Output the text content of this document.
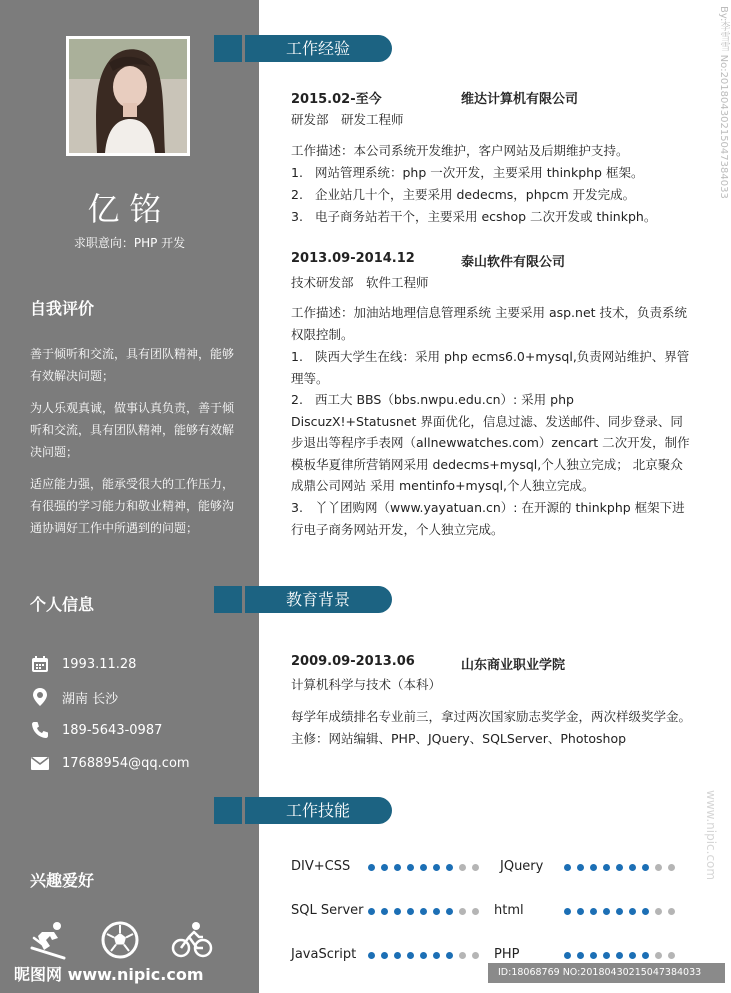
亿铭
求职意向：PHP 开发
自我评价
善于倾听和交流，具有团队精神，能够有效解决问题；
为人乐观真诚，做事认真负责，善于倾听和交流，具有团队精神，能够有效解决问题；
适应能力强，能承受很大的工作压力，有很强的学习能力和敬业精神，能够沟通协调好工作中所遇到的问题；
个人信息
1993.11.28
湖南 长沙
189-5643-0987
17688954@qq.com
兴趣爱好
昵图网 www.nipic.com
工作经验
教育背景
工作技能
2015.02-至今	维达计算机有限公司
研发部　研发工程师
工作描述：本公司系统开发维护，客户网站及后期维护支持。
1. 网站管理系统：php 一次开发，主要采用 thinkphp 框架。
2. 企业站几十个，主要采用 dedecms，phpcm 开发完成。
3. 电子商务站若干个，主要采用 ecshop 二次开发或 thinkph。
2013.09-2014.12	泰山软件有限公司
技术研发部　软件工程师
工作描述：加油站地理信息管理系统 主要采用 asp.net 技术，负责系统权限控制。
1. 陕西大学生在线：采用 php ecms6.0+mysql,负责网站维护、界管理等。
2. 西工大 BBS（bbs.nwpu.edu.cn）: 采用 php DiscuzX!+Statusnet 界面优化，信息过滤、发送邮件、同步登录、同步退出等程序手表网（allnewwatches.com）zencart 二次开发，制作模板华夏律所营销网采用 dedecms+mysql,个人独立完成； 北京聚众成鼎公司网站 采用 mentinfo+mysql,个人独立完成。
3. 丫丫团购网（www.yayatuan.cn）: 在开源的 thinkphp 框架下进行电子商务网站开发，个人独立完成。
2009.09-2013.06	山东商业职业学院
计算机科学与技术（本科）
每学年成绩排名专业前三，拿过两次国家励志奖学金，两次样级奖学金。
主修：网站编辑、PHP、JQuery、SQLServer、Photoshop
DIV+CSS	JQuery
SQL Server	html
JavaScript	PHP
By:李雪雪 No:20180430215047384033
www.nipic.com
ID:18068769 NO:20180430215047384033
